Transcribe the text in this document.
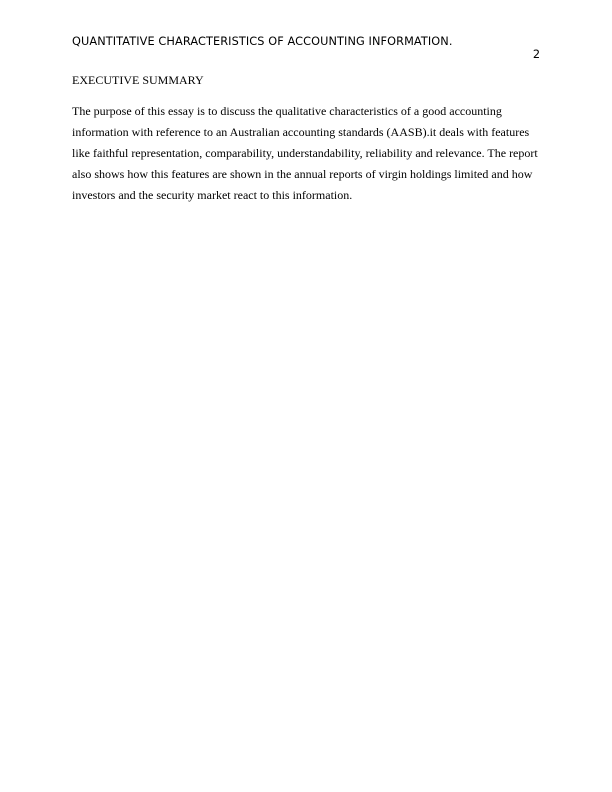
QUANTITATIVE CHARACTERISTICS OF ACCOUNTING INFORMATION.
2
EXECUTIVE SUMMARY

The purpose of this essay is to discuss the qualitative characteristics of a good accounting
information with reference to an Australian accounting standards (AASB).it deals with features
like faithful representation, comparability, understandability, reliability and relevance. The report
also shows how this features are shown in the annual reports of virgin holdings limited and how
investors and the security market react to this information.
